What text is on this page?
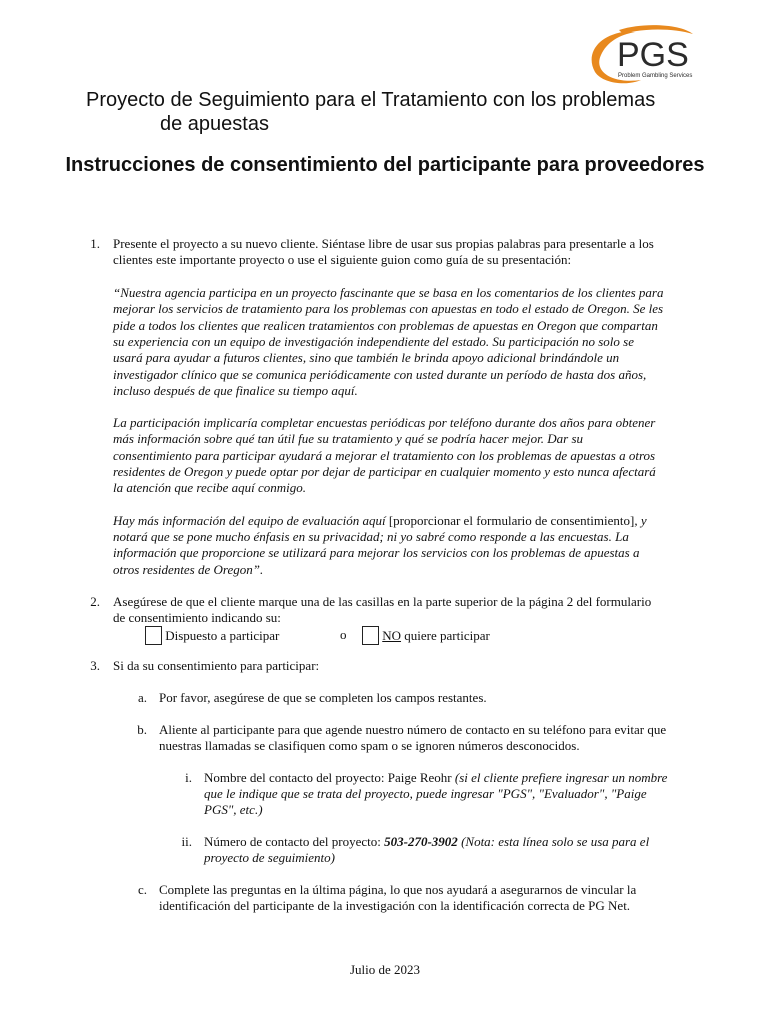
PGS
Problem Gambling Services
Proyecto de Seguimiento para el Tratamiento con los problemas
de apuestas
Instrucciones de consentimiento del participante para proveedores
1. Presente el proyecto a su nuevo cliente. Siéntase libre de usar sus propias palabras para presentarle a los
clientes este importante proyecto o use el siguiente guion como guía de su presentación:
“Nuestra agencia participa en un proyecto fascinante que se basa en los comentarios de los clientes para
mejorar los servicios de tratamiento para los problemas con apuestas en todo el estado de Oregon. Se les
pide a todos los clientes que realicen tratamientos con problemas de apuestas en Oregon que compartan
su experiencia con un equipo de investigación independiente del estado. Su participación no solo se
usará para ayudar a futuros clientes, sino que también le brinda apoyo adicional brindándole un
investigador clínico que se comunica periódicamente con usted durante un período de hasta dos años,
incluso después de que finalice su tiempo aquí.
La participación implicaría completar encuestas periódicas por teléfono durante dos años para obtener
más información sobre qué tan útil fue su tratamiento y qué se podría hacer mejor. Dar su
consentimiento para participar ayudará a mejorar el tratamiento con los problemas de apuestas a otros
residentes de Oregon y puede optar por dejar de participar en cualquier momento y esto nunca afectará
la atención que recibe aquí conmigo.
Hay más información del equipo de evaluación aquí [proporcionar el formulario de consentimiento], y
notará que se pone mucho énfasis en su privacidad; ni yo sabré como responde a las encuestas. La
información que proporcione se utilizará para mejorar los servicios con los problemas de apuestas a
otros residentes de Oregon”.
2. Asegúrese de que el cliente marque una de las casillas en la parte superior de la página 2 del formulario
de consentimiento indicando su:
Dispuesto a participar	o	NO quiere participar
3. Si da su consentimiento para participar:
a. Por favor, asegúrese de que se completen los campos restantes.
b. Aliente al participante para que agende nuestro número de contacto en su teléfono para evitar que
nuestras llamadas se clasifiquen como spam o se ignoren números desconocidos.
i. Nombre del contacto del proyecto: Paige Reohr (si el cliente prefiere ingresar un nombre
que le indique que se trata del proyecto, puede ingresar "PGS", "Evaluador", "Paige
PGS", etc.)
ii. Número de contacto del proyecto: 503-270-3902 (Nota: esta línea solo se usa para el
proyecto de seguimiento)
c. Complete las preguntas en la última página, lo que nos ayudará a asegurarnos de vincular la
identificación del participante de la investigación con la identificación correcta de PG Net.
Julio de 2023
